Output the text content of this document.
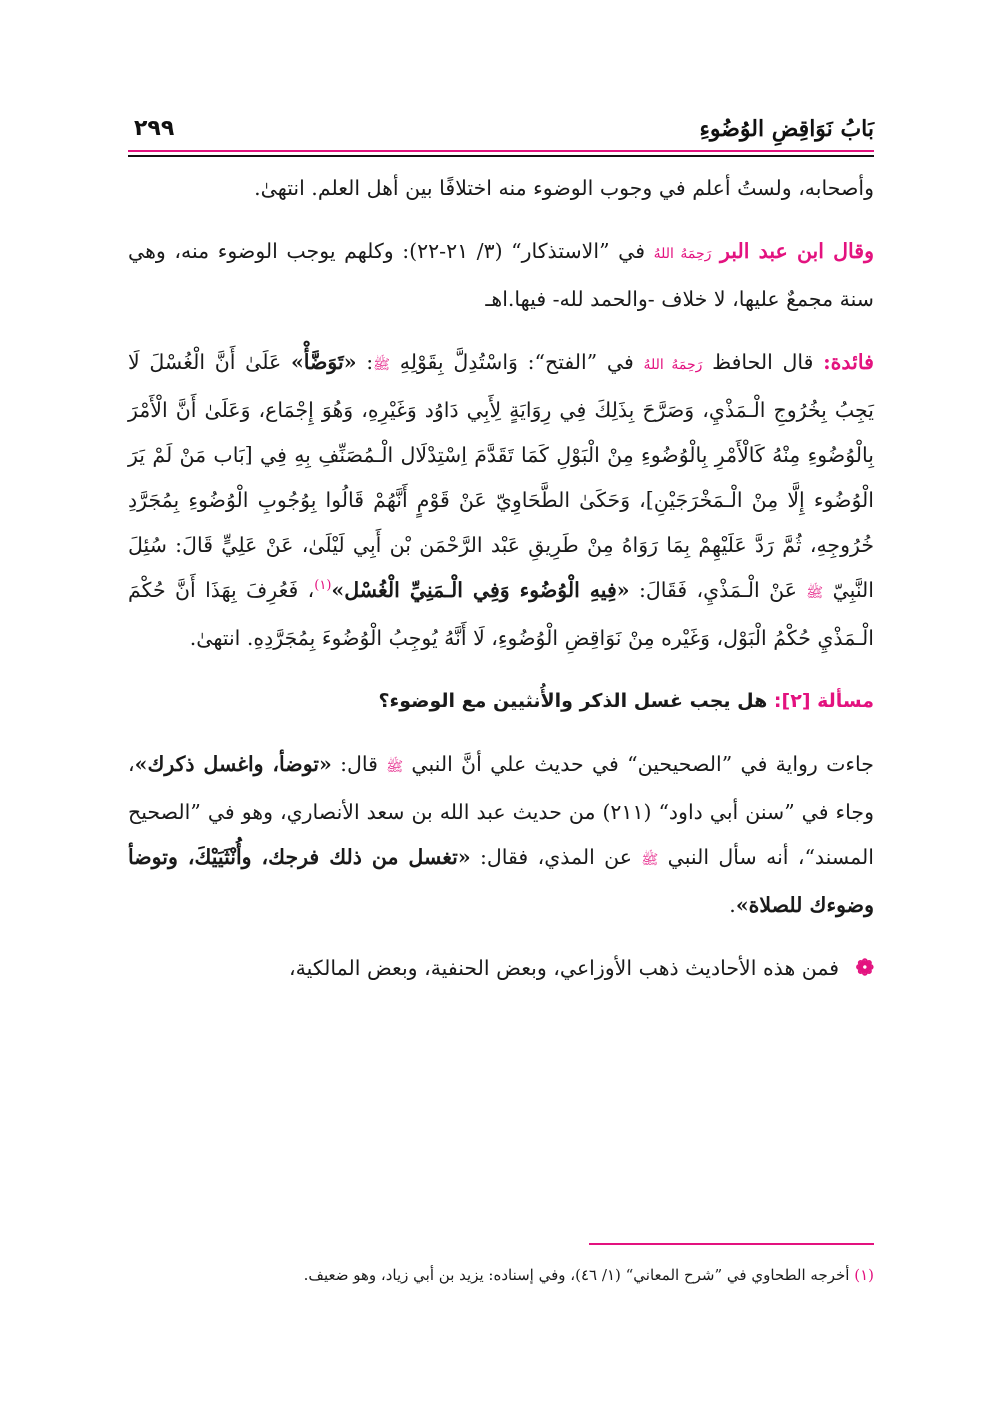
بَابُ نَوَاقِضِ الوُضُوءِ
٢٩٩

وأصحابه، ولستُ أعلم في وجوب الوضوء منه اختلافًا بين أهل العلم. انتهىٰ.

وقال ابن عبد البر رَحِمَهُ اللهُ في ”الاستذكار“ (٣/ ٢١-٢٢): وكلهم يوجب الوضوء منه، وهي سنة مجمعٌ عليها، لا خلاف -والحمد لله- فيها.اهـ

فائدة: قال الحافظ رَحِمَهُ اللهُ في ”الفتح“: وَاسْتُدِلَّ بِقَوْلِهِ ﷺ: «تَوَضَّأْ» عَلَىٰ أَنَّ الْغُسْلَ لَا يَجِبُ بِخُرُوجِ الْـمَذْيِ، وَصَرَّحَ بِذَلِكَ فِي رِوَايَةٍ لِأَبِي دَاوُد وَغَيْرِهِ، وَهُوَ إِجْمَاع، وَعَلَىٰ أَنَّ الْأَمْرَ بِالْوُضُوءِ مِنْهُ كَالْأَمْرِ بِالْوُضُوءِ مِنْ الْبَوْلِ كَمَا تَقَدَّمَ اِسْتِدْلَال الْـمُصَنِّفِ بِهِ فِي [بَاب مَنْ لَمْ يَرَ الْوُضُوء إِلَّا مِنْ الْـمَخْرَجَيْنِ]، وَحَكَىٰ الطَّحَاوِيّ عَنْ قَوْمٍ أَنَّهُمْ قَالُوا بِوُجُوبِ الْوُضُوءِ بِمُجَرَّدِ خُرُوجِهِ، ثُمَّ رَدَّ عَلَيْهِمْ بِمَا رَوَاهُ مِنْ طَرِيقِ عَبْد الرَّحْمَن بْن أَبِي لَيْلَىٰ، عَنْ عَلِيٍّ قَالَ: سُئِلَ النَّبِيّ ﷺ عَنْ الْـمَذْيِ، فَقَالَ: «فِيهِ الْوُضُوء وَفِي الْـمَنِيِّ الْغُسْل»$^{(١)}$، فَعُرِفَ بِهَذَا أَنَّ حُكْمَ الْـمَذْيِ حُكْمُ الْبَوْل، وَغَيْره مِنْ نَوَاقِضِ الْوُضُوءِ، لَا أَنَّهُ يُوجِبُ الْوُضُوءَ بِمُجَرَّدِهِ. انتهىٰ.

مسألة [٢]: هل يجب غسل الذكر والأُنثيين مع الوضوء؟

جاءت رواية في ”الصحيحين“ في حديث علي أنَّ النبي ﷺ قال: «توضأ، واغسل ذكرك»، وجاء في ”سنن أبي داود“ (٢١١) من حديث عبد الله بن سعد الأنصاري، وهو في ”الصحيح المسند“، أنه سأل النبي ﷺ عن المذي، فقال: «تغسل من ذلك فرجك، وأُنْثَيَيْكَ، وتوضأ وضوءك للصلاة».

❁ فمن هذه الأحاديث ذهب الأوزاعي، وبعض الحنفية، وبعض المالكية،

(١) أخرجه الطحاوي في ”شرح المعاني“ (١/ ٤٦)، وفي إسناده: يزيد بن أبي زياد، وهو ضعيف.
